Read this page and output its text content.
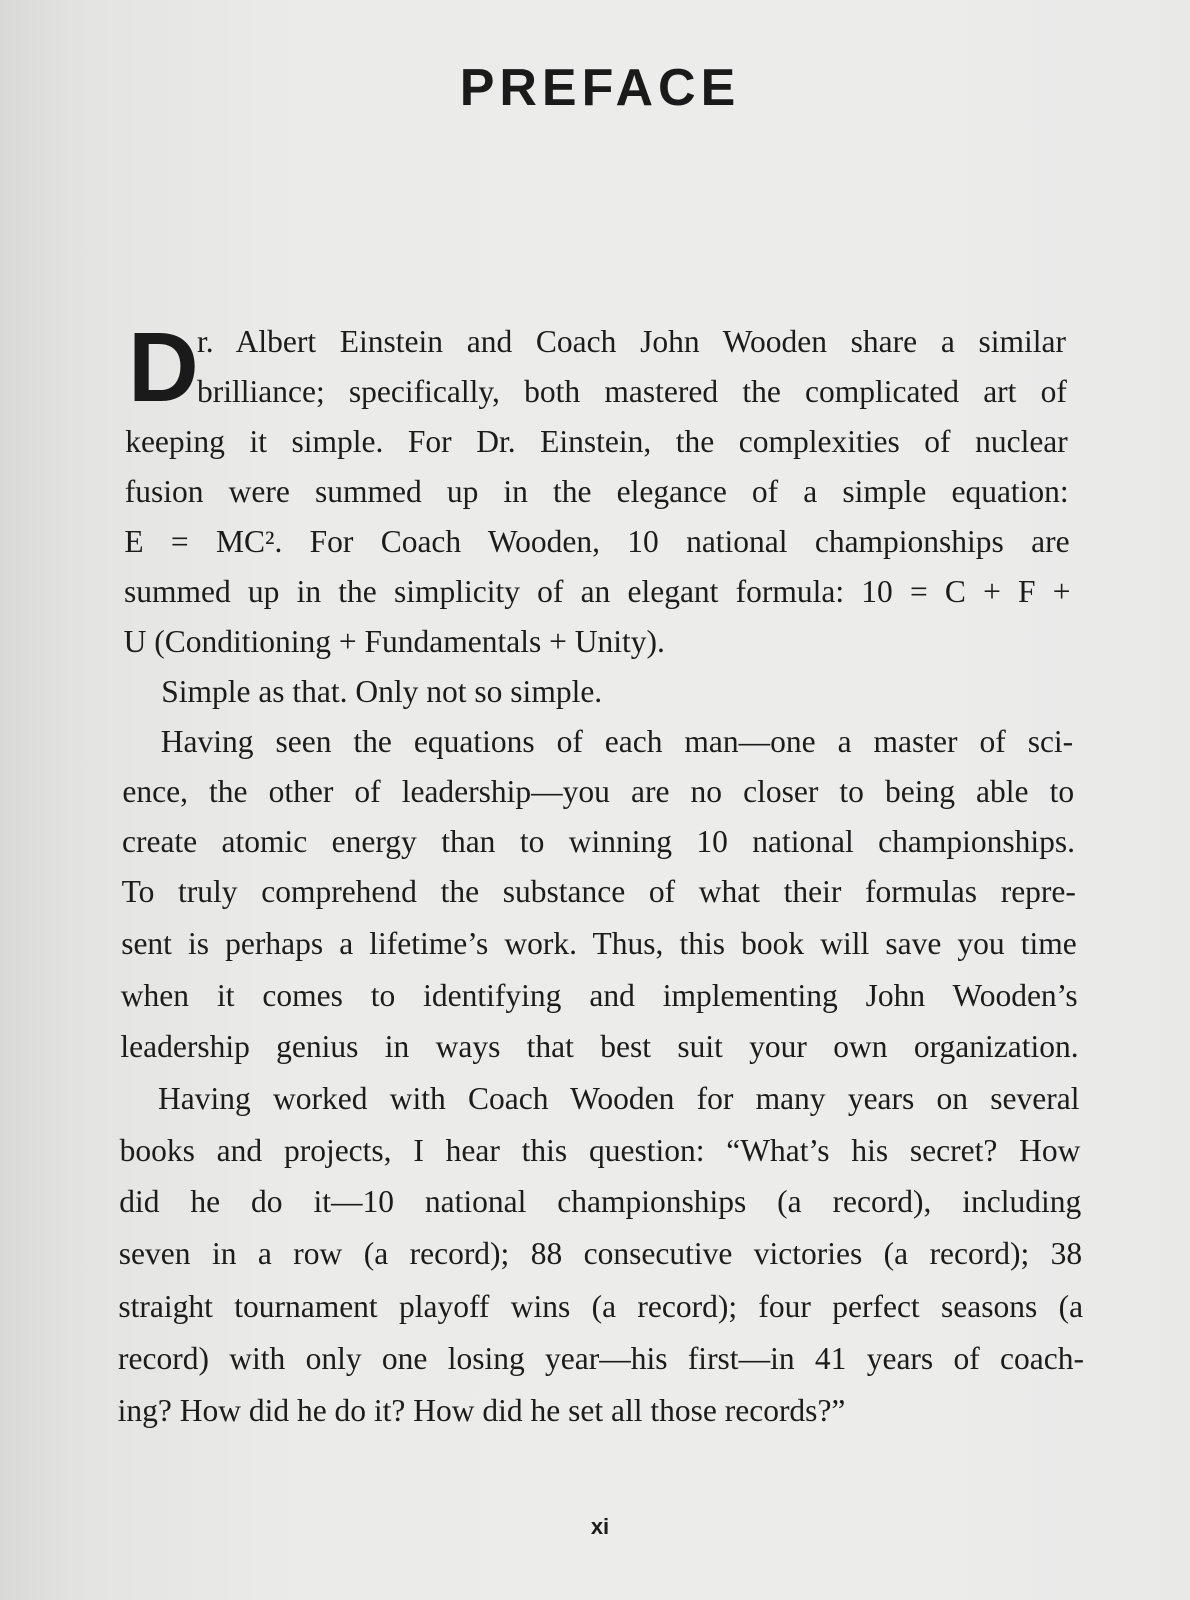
PREFACE
D
r. Albert Einstein and Coach John Wooden share a similar
brilliance; specifically, both mastered the complicated art of
keeping it simple. For Dr. Einstein, the complexities of nuclear
fusion were summed up in the elegance of a simple equation:
E = MC². For Coach Wooden, 10 national championships are
summed up in the simplicity of an elegant formula: 10 = C + F +
U (Conditioning + Fundamentals + Unity).
Simple as that. Only not so simple.
Having seen the equations of each man—one a master of sci-
ence, the other of leadership—you are no closer to being able to
create atomic energy than to winning 10 national championships.
To truly comprehend the substance of what their formulas repre-
sent is perhaps a lifetime’s work. Thus, this book will save you time
when it comes to identifying and implementing John Wooden’s
leadership genius in ways that best suit your own organization.
Having worked with Coach Wooden for many years on several
books and projects, I hear this question: “What’s his secret? How
did he do it—10 national championships (a record), including
seven in a row (a record); 88 consecutive victories (a record); 38
straight tournament playoff wins (a record); four perfect seasons (a
record) with only one losing year—his first—in 41 years of coach-
ing? How did he do it? How did he set all those records?”
xi
